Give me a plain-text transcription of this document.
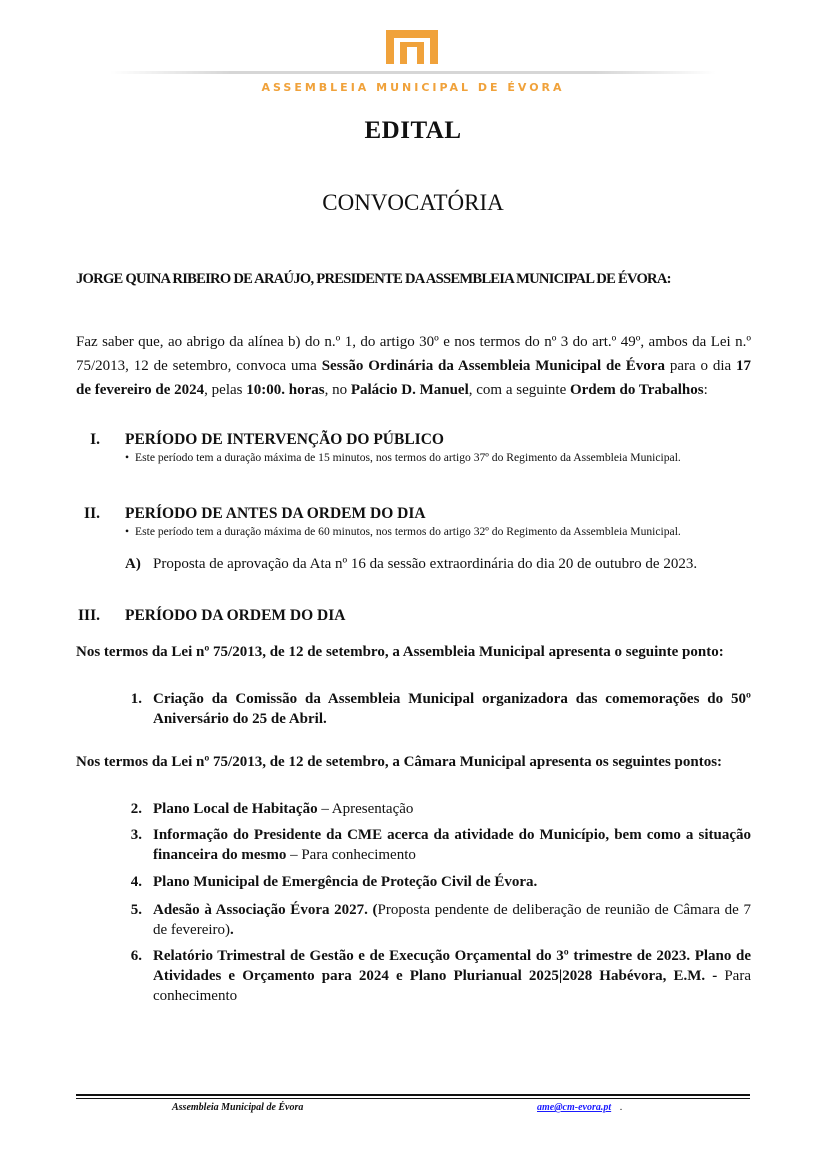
ASSEMBLEIA MUNICIPAL DE ÉVORA
EDITAL
CONVOCATÓRIA
JORGE QUINA RIBEIRO DE ARAÚJO, PRESIDENTE DA ASSEMBLEIA MUNICIPAL DE ÉVORA:
Faz saber que, ao abrigo da alínea b) do n.º 1, do artigo 30º e nos termos do nº 3 do art.º 49º, ambos da Lei n.º 75/2013, 12 de setembro, convoca uma Sessão Ordinária da Assembleia Municipal de Évora para o dia 17 de fevereiro de 2024, pelas 10:00. horas, no Palácio D. Manuel, com a seguinte Ordem do Trabalhos:
I. PERÍODO DE INTERVENÇÃO DO PÚBLICO
• Este período tem a duração máxima de 15 minutos, nos termos do artigo 37º do Regimento da Assembleia Municipal.
II. PERÍODO DE ANTES DA ORDEM DO DIA
• Este período tem a duração máxima de 60 minutos, nos termos do artigo 32º do Regimento da Assembleia Municipal.
A) Proposta de aprovação da Ata nº 16 da sessão extraordinária do dia 20 de outubro de 2023.
III. PERÍODO DA ORDEM DO DIA
Nos termos da Lei nº 75/2013, de 12 de setembro, a Assembleia Municipal apresenta o seguinte ponto:
1. Criação da Comissão da Assembleia Municipal organizadora das comemorações do 50º Aniversário do 25 de Abril.
Nos termos da Lei nº 75/2013, de 12 de setembro, a Câmara Municipal apresenta os seguintes pontos:
2. Plano Local de Habitação – Apresentação
3. Informação do Presidente da CME acerca da atividade do Município, bem como a situação financeira do mesmo – Para conhecimento
4. Plano Municipal de Emergência de Proteção Civil de Évora.
5. Adesão à Associação Évora 2027. (Proposta pendente de deliberação de reunião de Câmara de 7 de fevereiro).
6. Relatório Trimestral de Gestão e de Execução Orçamental do 3º trimestre de 2023. Plano de Atividades e Orçamento para 2024 e Plano Plurianual 2025|2028 Habévora, E.M. - Para conhecimento
Assembleia Municipal de Évora	ame@cm-evora.pt .
